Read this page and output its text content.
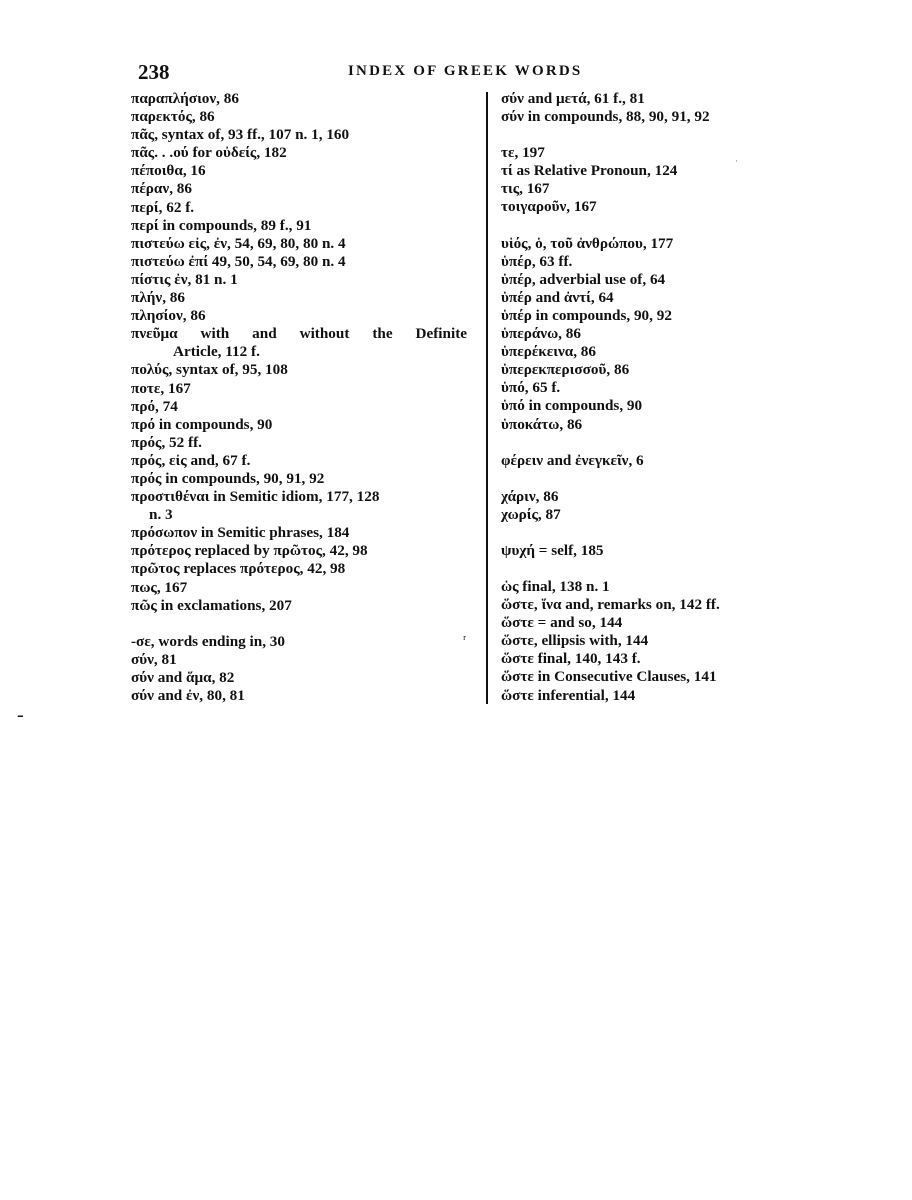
238	INDEX OF GREEK WORDS
παραπλήσιον, 86
παρεκτός, 86
πᾶς, syntax of, 93 ff., 107 n. 1, 160
πᾶς. . .ού for οὐδείς, 182
πέποιθα, 16
πέραν, 86
περί, 62 f.
περί in compounds, 89 f., 91
πιστεύω εἰς, ἐν, 54, 69, 80, 80 n. 4
πιστεύω ἐπί 49, 50, 54, 69, 80 n. 4
πίστις ἐν, 81 n. 1
πλήν, 86
πλησίον, 86
πνεῦμα with and without the Definite
Article, 112 f.
πολύς, syntax of, 95, 108
ποτε, 167
πρό, 74
πρό in compounds, 90
πρός, 52 ff.
πρός, εἰς and, 67 f.
πρός in compounds, 90, 91, 92
προστιθέναι in Semitic idiom, 177, 128
n. 3
πρόσωπον in Semitic phrases, 184
πρότερος replaced by πρῶτος, 42, 98
πρῶτος replaces πρότερος, 42, 98
πως, 167
πῶς in exclamations, 207
-σε, words ending in, 30
σύν, 81
σύν and ἅμα, 82
σύν and ἐν, 80, 81
σύν and μετά, 61 f., 81
σύν in compounds, 88, 90, 91, 92
τε, 197
τί as Relative Pronoun, 124
τις, 167
τοιγαροῦν, 167
υἱός, ὁ, τοῦ ἀνθρώπου, 177
ὑπέρ, 63 ff.
ὑπέρ, adverbial use of, 64
ὑπέρ and ἀντί, 64
ὑπέρ in compounds, 90, 92
ὑπεράνω, 86
ὑπερέκεινα, 86
ὑπερεκπερισσοῦ, 86
ὑπό, 65 f.
ὑπό in compounds, 90
ὑποκάτω, 86
φέρειν and ἐνεγκεῖν, 6
χάριν, 86
χωρίς, 87
ψυχή = self, 185
ὡς final, 138 n. 1
ὥστε, ἵνα and, remarks on, 142 ff.
ὥστε = and so, 144
ὥστε, ellipsis with, 144
ὥστε final, 140, 143 f.
ὥστε in Consecutive Clauses, 141
ὥστε inferential, 144
-
ʳ
·
